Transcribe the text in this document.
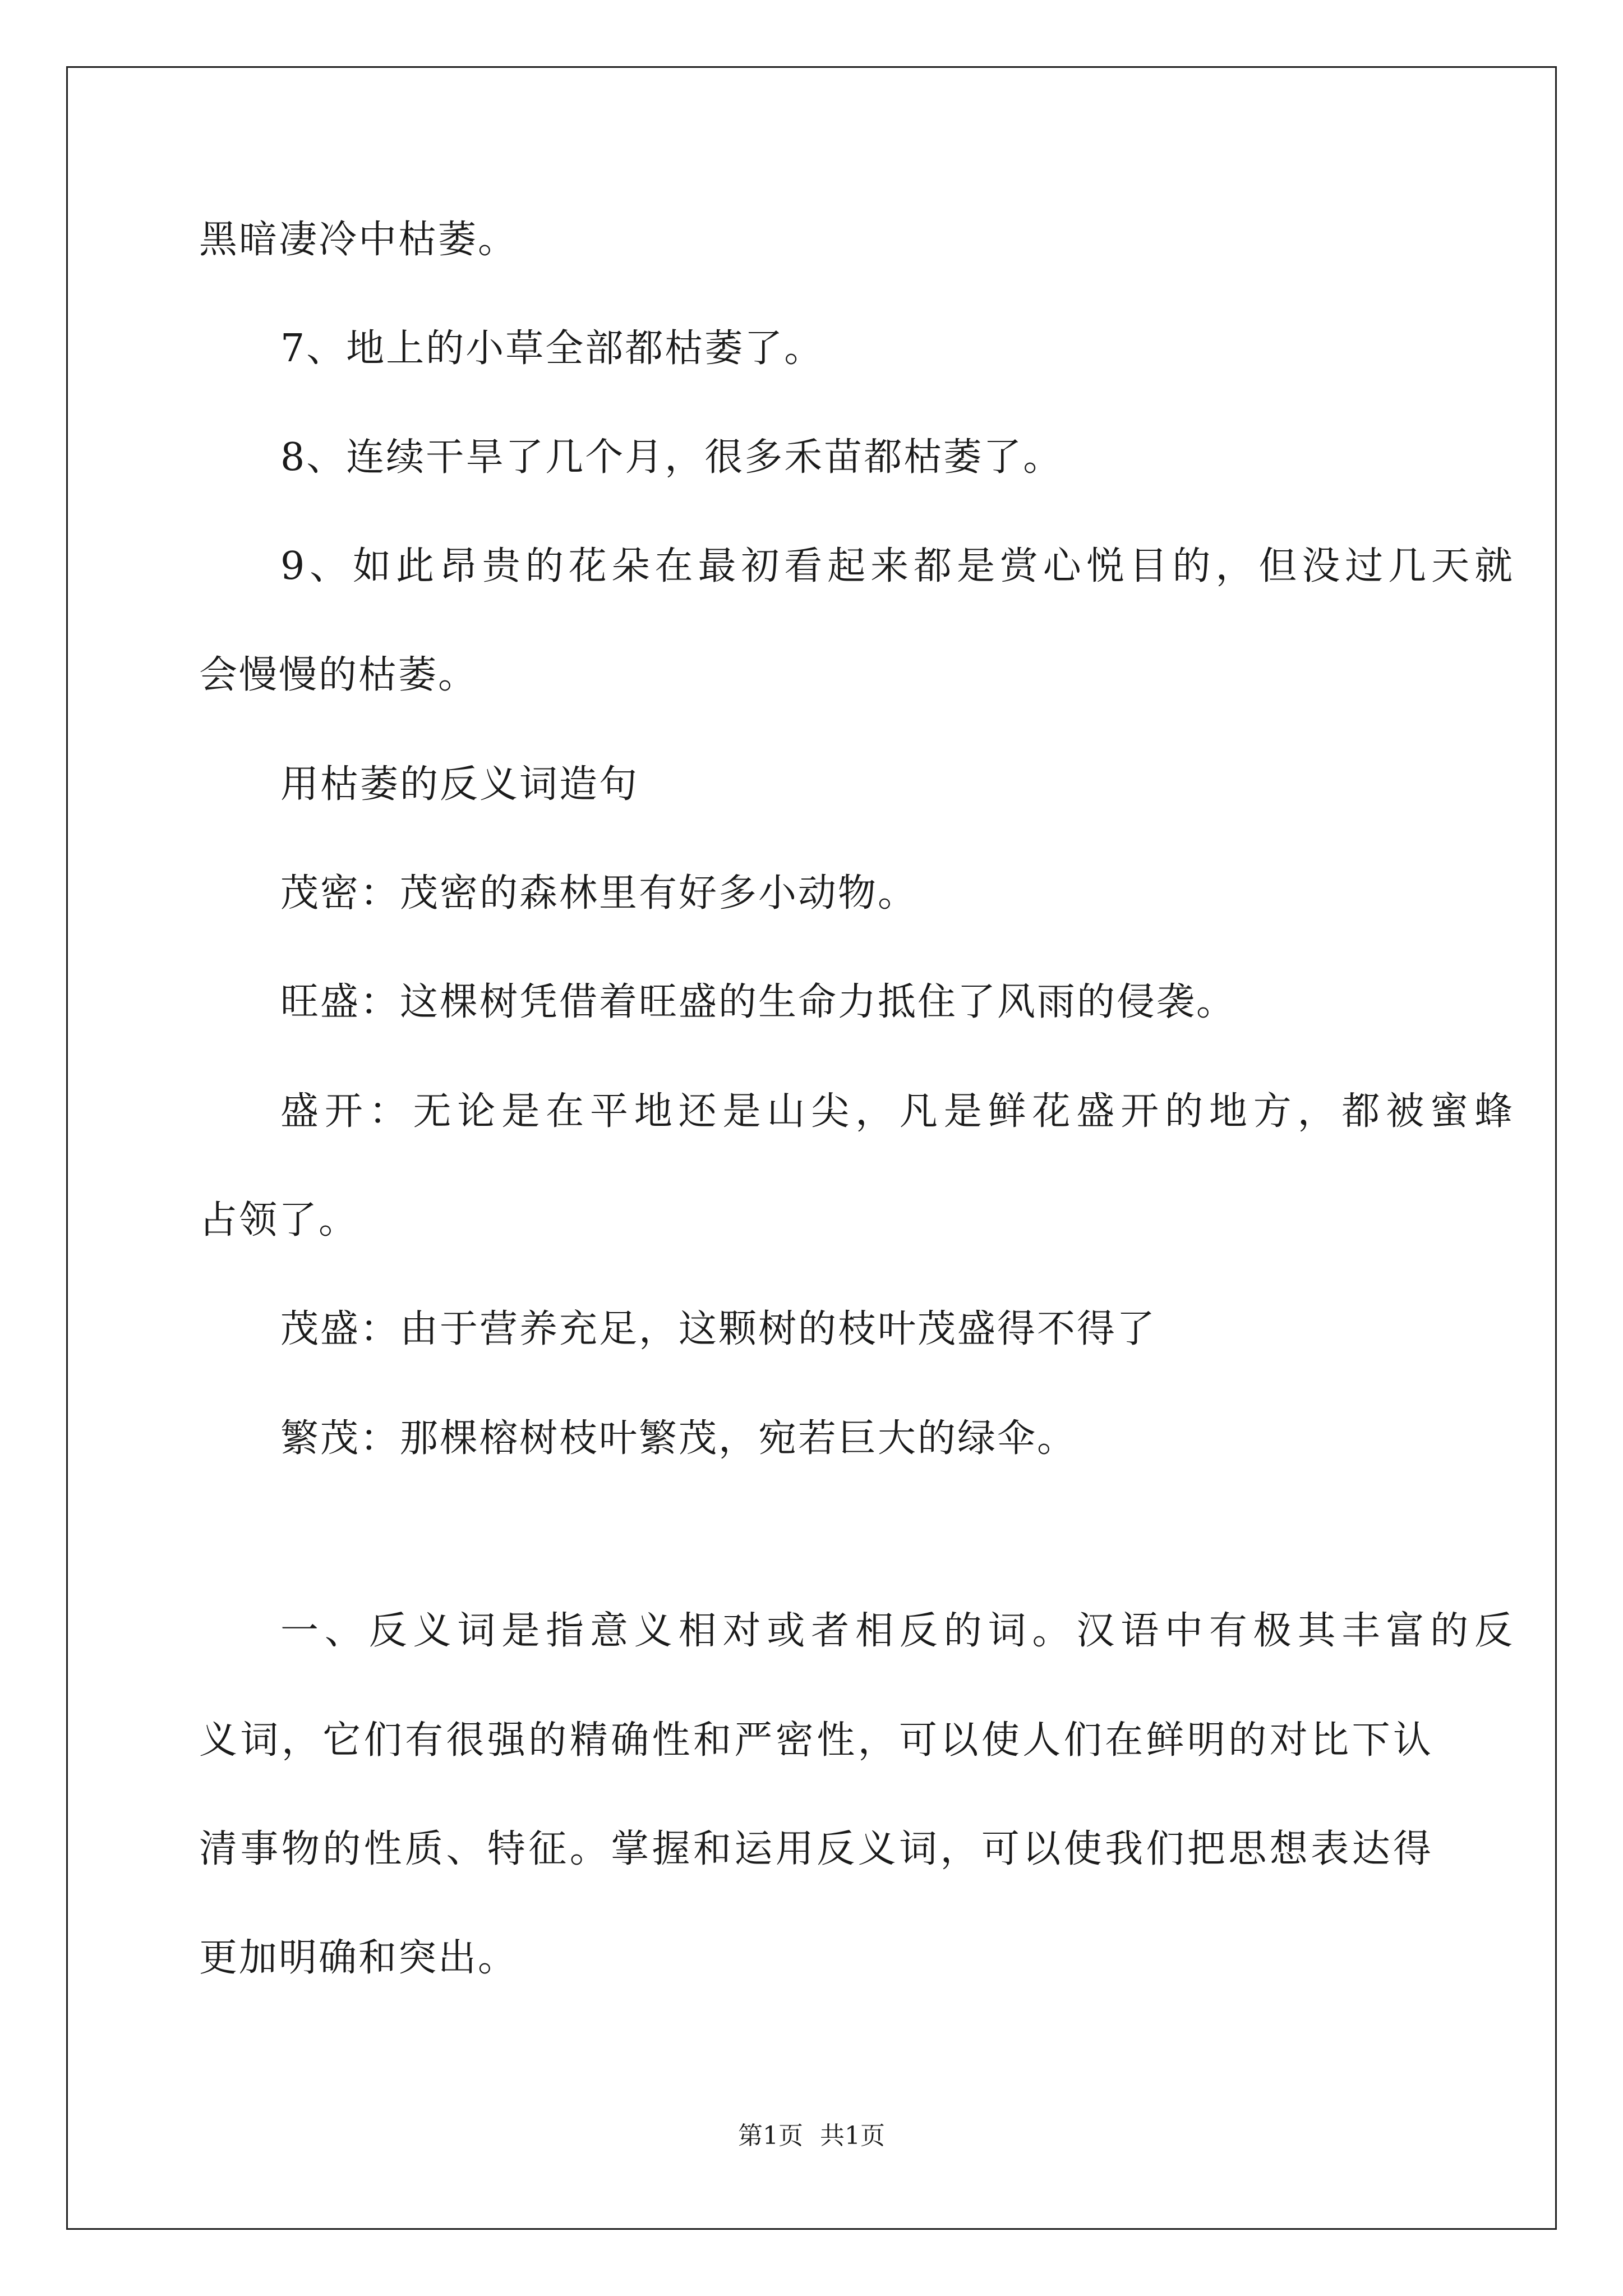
黑暗凄冷中枯萎。
7、地上的小草全部都枯萎了。
8、连续干旱了几个月，很多禾苗都枯萎了。
9、如此昂贵的花朵在最初看起来都是赏心悦目的，但没过几天就
会慢慢的枯萎。
用枯萎的反义词造句
茂密：茂密的森林里有好多小动物。
旺盛：这棵树凭借着旺盛的生命力抵住了风雨的侵袭。
盛开：无论是在平地还是山尖，凡是鲜花盛开的地方，都被蜜蜂
占领了。
茂盛：由于营养充足，这颗树的枝叶茂盛得不得了
繁茂：那棵榕树枝叶繁茂，宛若巨大的绿伞。
一、反义词是指意义相对或者相反的词。汉语中有极其丰富的反
义词，它们有很强的精确性和严密性，可以使人们在鲜明的对比下认
清事物的性质、特征。掌握和运用反义词，可以使我们把思想表达得
更加明确和突出。
第1页 共1页
